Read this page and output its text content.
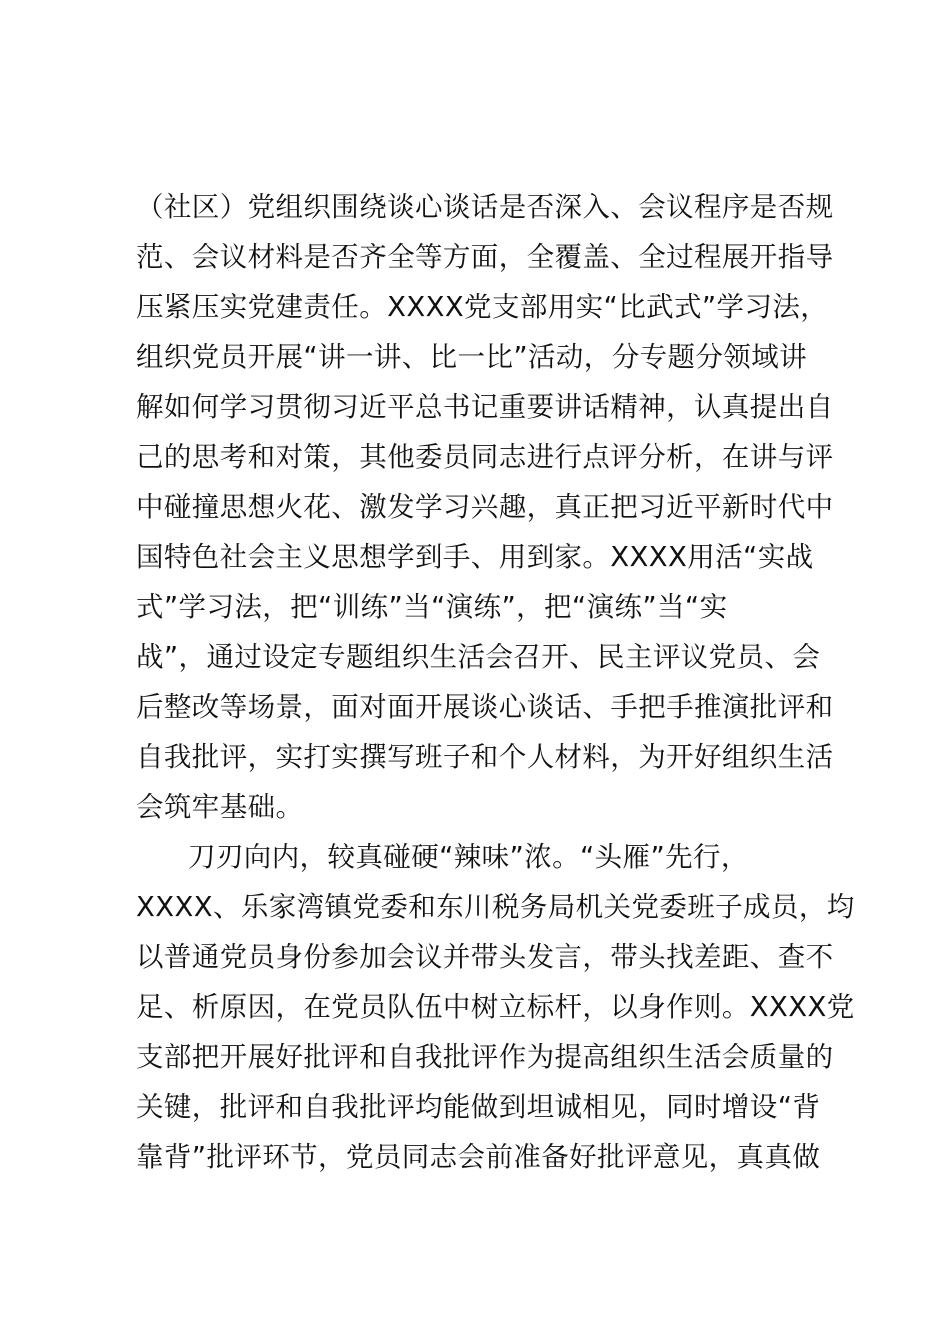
（社区）党组织围绕谈心谈话是否深入、会议程序是否规
范、会议材料是否齐全等方面，全覆盖、全过程展开指导
压紧压实党建责任。XXXX党支部用实“比武式”学习法，
组织党员开展“讲一讲、比一比”活动，分专题分领域讲
解如何学习贯彻习近平总书记重要讲话精神，认真提出自
己的思考和对策，其他委员同志进行点评分析，在讲与评
中碰撞思想火花、激发学习兴趣，真正把习近平新时代中
国特色社会主义思想学到手、用到家。XXXX用活“实战
式”学习法，把“训练”当“演练”，把“演练”当“实
战”，通过设定专题组织生活会召开、民主评议党员、会
后整改等场景，面对面开展谈心谈话、手把手推演批评和
自我批评，实打实撰写班子和个人材料，为开好组织生活
会筑牢基础。
刀刃向内，较真碰硬“辣味”浓。“头雁”先行，
XXXX、乐家湾镇党委和东川税务局机关党委班子成员，均
以普通党员身份参加会议并带头发言，带头找差距、查不
足、析原因，在党员队伍中树立标杆，以身作则。XXXX党
支部把开展好批评和自我批评作为提高组织生活会质量的
关键，批评和自我批评均能做到坦诚相见，同时增设“背
靠背”批评环节，党员同志会前准备好批评意见，真真做
